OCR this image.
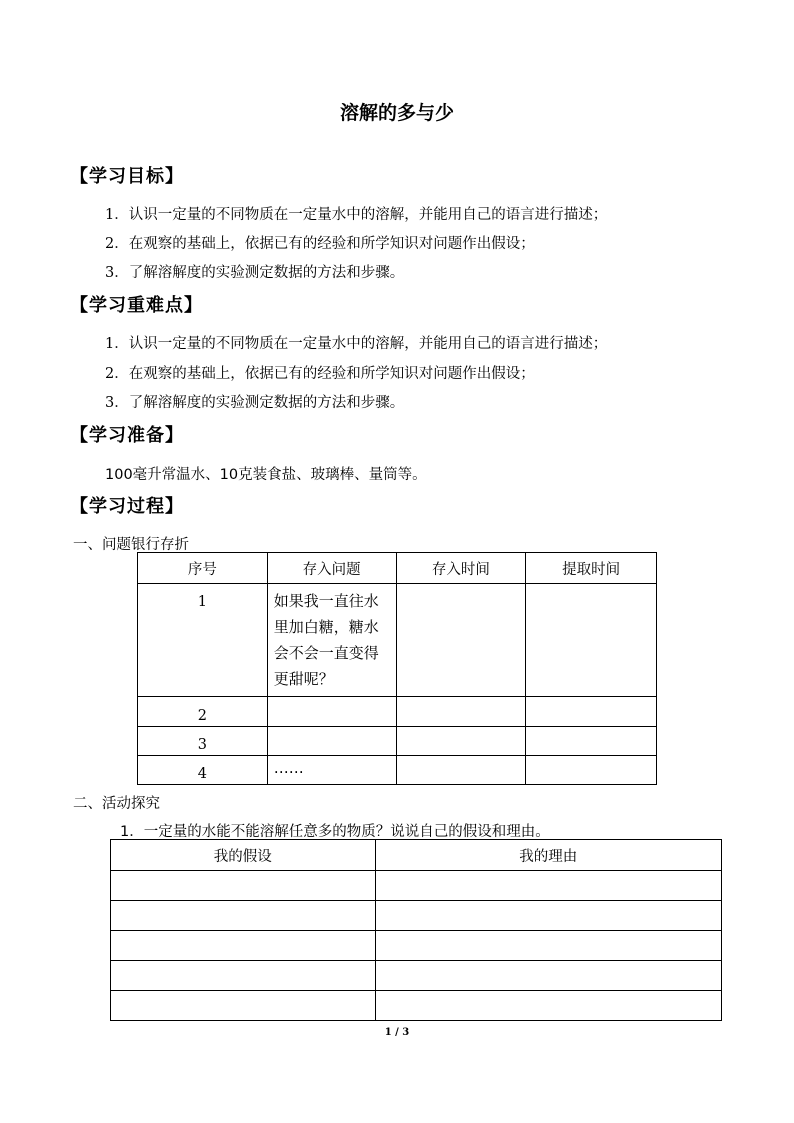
溶解的多与少
【学习目标】
1．认识一定量的不同物质在一定量水中的溶解，并能用自己的语言进行描述；
2．在观察的基础上，依据已有的经验和所学知识对问题作出假设；
3．了解溶解度的实验测定数据的方法和步骤。
【学习重难点】
1．认识一定量的不同物质在一定量水中的溶解，并能用自己的语言进行描述；
2．在观察的基础上，依据已有的经验和所学知识对问题作出假设；
3．了解溶解度的实验测定数据的方法和步骤。
【学习准备】
100毫升常温水、10克装食盐、玻璃棒、量筒等。
【学习过程】
一、问题银行存折
序号	存入问题	存入时间	提取时间
1	如果我一直往水里加白糖，糖水会不会一直变得更甜呢？		
2			
3			
4	……		
二、活动探究
1．一定量的水能不能溶解任意多的物质？说说自己的假设和理由。
我的假设	我的理由

1 / 3
